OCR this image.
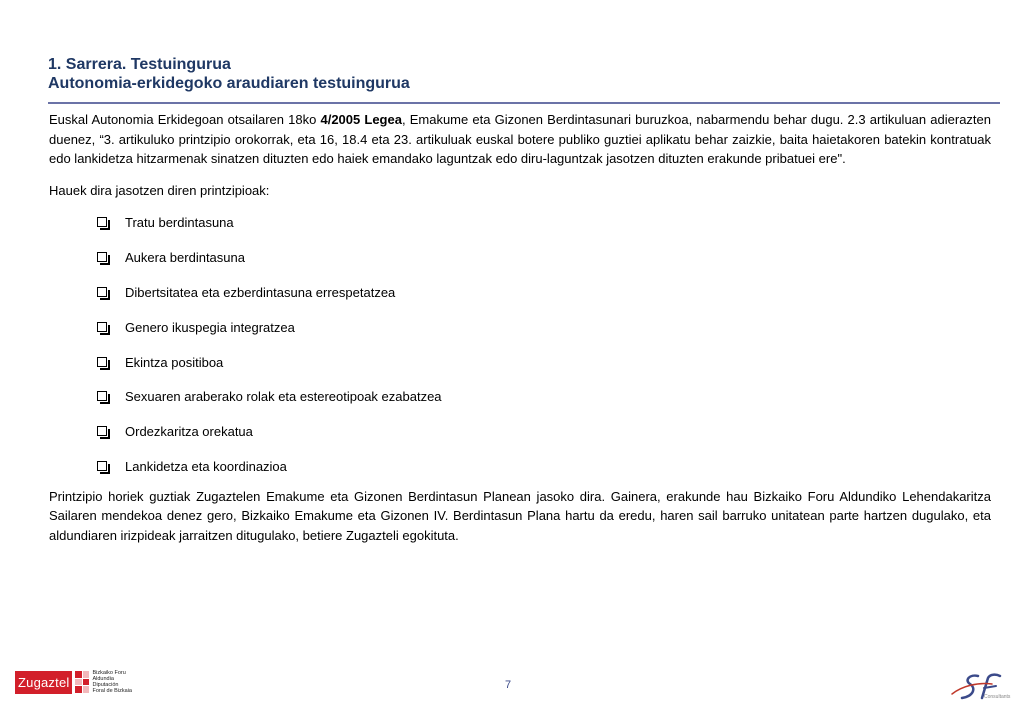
1. Sarrera. Testuingurua

Autonomia-erkidegoko araudiaren testuingurua

Euskal Autonomia Erkidegoan otsailaren 18ko 4/2005 Legea, Emakume eta Gizonen Berdintasunari buruzkoa, nabarmendu behar dugu. 2.3 artikuluan adierazten duenez, “3. artikuluko printzipio orokorrak, eta 16, 18.4 eta 23. artikuluak euskal botere publiko guztiei aplikatu behar zaizkie, baita haietakoren batekin kontratuak edo lankidetza hitzarmenak sinatzen dituzten edo haiek emandako laguntzak edo diru-laguntzak jasotzen dituzten erakunde pribatuei ere".

Hauek dira jasotzen diren printzipioak:

Tratu berdintasuna
Aukera berdintasuna
Dibertsitatea eta ezberdintasuna errespetatzea
Genero ikuspegia integratzea
Ekintza positiboa
Sexuaren araberako rolak eta estereotipoak ezabatzea
Ordezkaritza orekatua
Lankidetza eta koordinazioa

Printzipio horiek guztiak Zugaztelen Emakume eta Gizonen Berdintasun Planean jasoko dira. Gainera, erakunde hau Bizkaiko Foru Aldundiko Lehendakaritza Sailaren mendekoa denez gero, Bizkaiko Emakume eta Gizonen IV. Berdintasun Plana hartu da eredu, haren sail barruko unitatean parte hartzen dugulako, eta aldundiaren irizpideak jarraitzen ditugulako, betiere Zugazteli egokituta.

Zugaztel
Bizkaiko Foru
Aldundia
Diputación
Foral de Bizkaia	7
Consultants
